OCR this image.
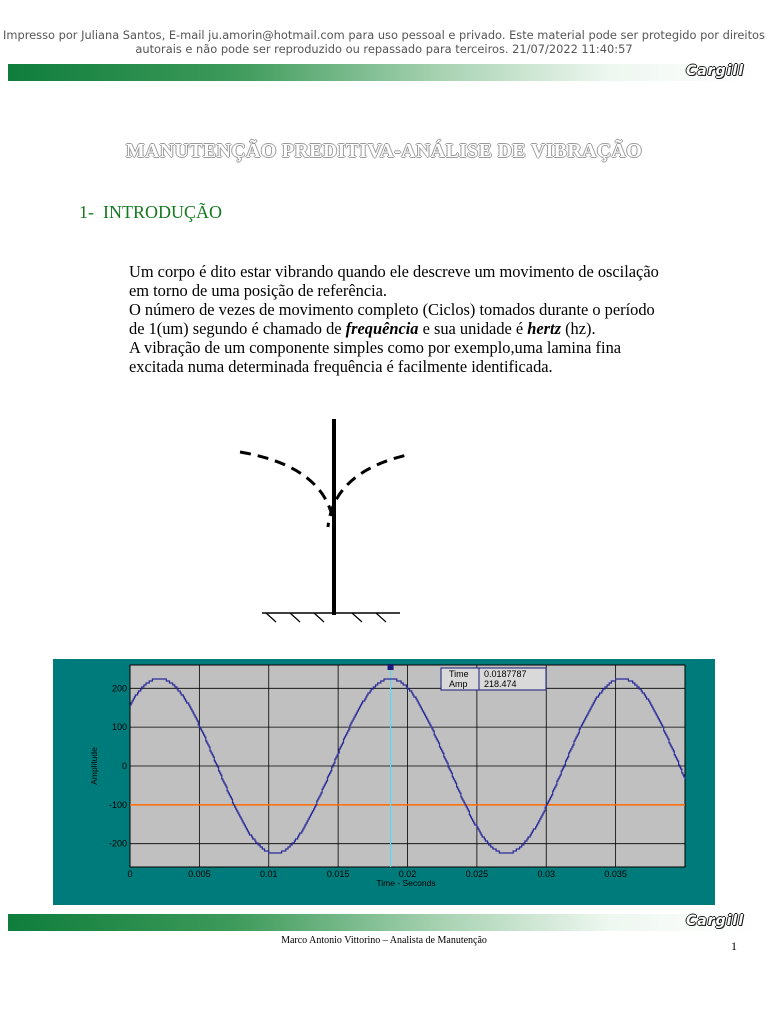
Impresso por Juliana Santos, E-mail ju.amorin@hotmail.com para uso pessoal e privado. Este material pode ser protegido por direitos
autorais e não pode ser reproduzido ou repassado para terceiros. 21/07/2022 11:40:57
Cargill
MANUTENÇÃO PREDITIVA-ANÁLISE DE VIBRAÇÃO
1- INTRODUÇÃO

Um corpo é dito estar vibrando quando ele descreve um movimento de oscilação em torno de uma posição de referência.

O número de vezes de movimento completo (Ciclos) tomados durante o período de 1(um) segundo é chamado de frequência e sua unidade é hertz (hz).

A vibração de um componente simples como por exemplo,uma lamina fina excitada numa determinada frequência é facilmente identificada.

0	0.005	0.01	0.015	0.02	0.025	0.03	0.035
200
100
0
-100
-200
Amplitude
Time - Seconds
Time 0.0187787
Amp 218.474
Cargill
Marco Antonio Vittorino – Analista de Manutenção	1
